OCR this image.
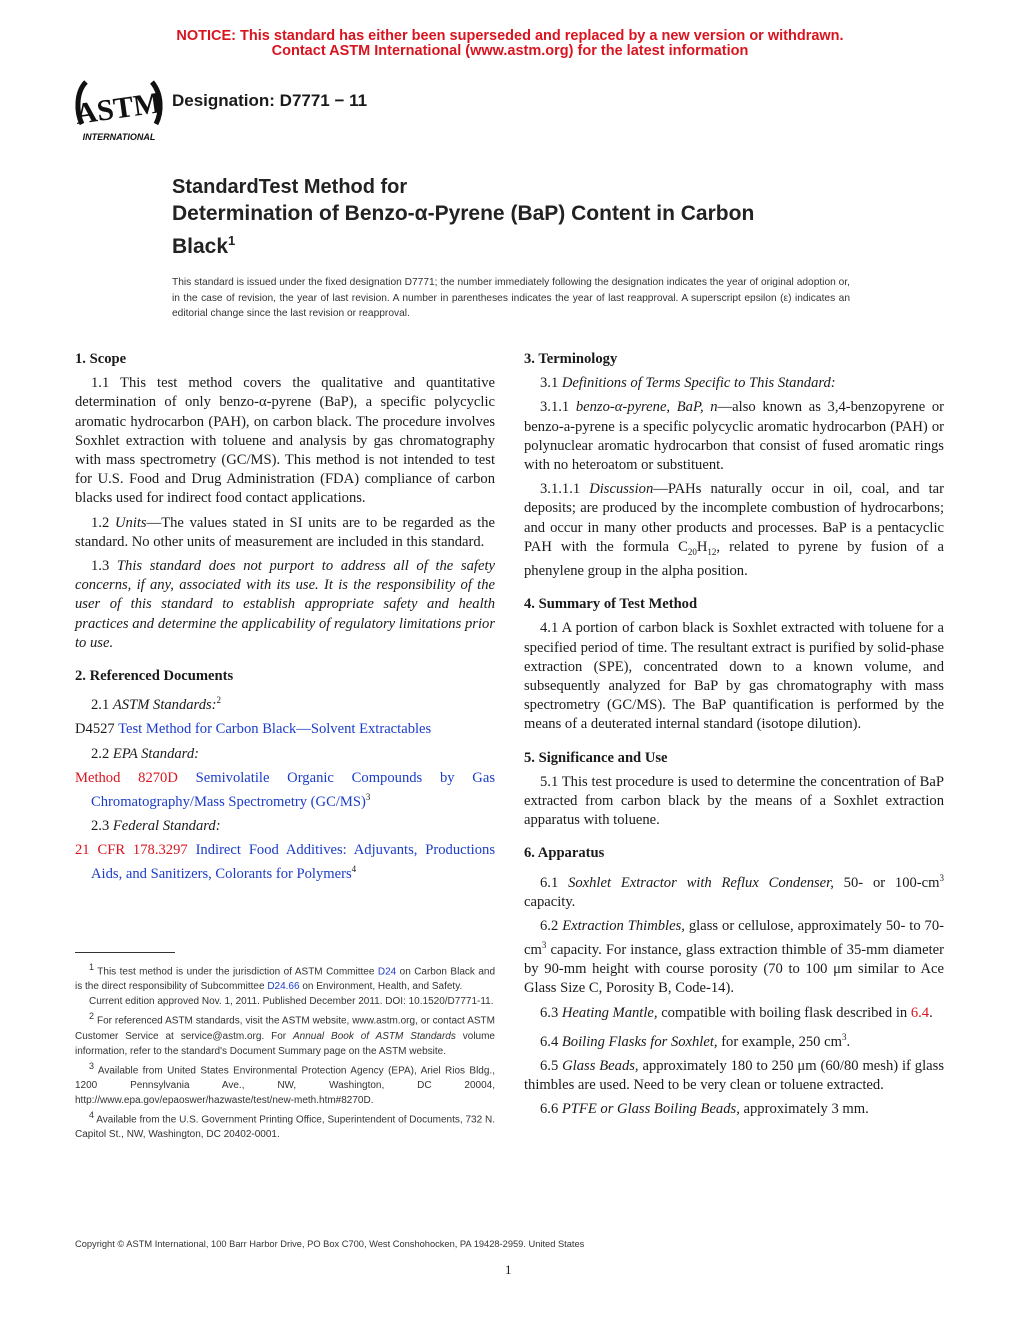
NOTICE: This standard has either been superseded and replaced by a new version or withdrawn.
Contact ASTM International (www.astm.org) for the latest information
ASTM
INTERNATIONAL
Designation: D7771 − 11
StandardTest Method for
Determination of Benzo-α-Pyrene (BaP) Content in Carbon
Black$^1$
This standard is issued under the fixed designation D7771; the number immediately following the designation indicates the year of original adoption or, in the case of revision, the year of last revision. A number in parentheses indicates the year of last reapproval. A superscript epsilon (ε) indicates an editorial change since the last revision or reapproval.
1. Scope

1.1 This test method covers the qualitative and quantitative determination of only benzo-α-pyrene (BaP), a specific polycyclic aromatic hydrocarbon (PAH), on carbon black. The procedure involves Soxhlet extraction with toluene and analysis by gas chromatography with mass spectrometry (GC/MS). This method is not intended to test for U.S. Food and Drug Administration (FDA) compliance of carbon blacks used for indirect food contact applications.

1.2 Units—The values stated in SI units are to be regarded as the standard. No other units of measurement are included in this standard.

1.3 This standard does not purport to address all of the safety concerns, if any, associated with its use. It is the responsibility of the user of this standard to establish appropriate safety and health practices and determine the applicability of regulatory limitations prior to use.

2. Referenced Documents

2.1 ASTM Standards:$^2$

D4527 Test Method for Carbon Black—Solvent Extractables

2.2 EPA Standard:

Method 8270D Semivolatile Organic Compounds by Gas Chromatography/Mass Spectrometry $(GC/MS)^3$

2.3 Federal Standard:

21 CFR 178.3297 Indirect Food Additives: Adjuvants, Productions Aids, and Sanitizers, Colorants for Polymers$^4$

$^1$ This test method is under the jurisdiction of ASTM Committee D24 on Carbon Black and is the direct responsibility of Subcommittee D24.66 on Environment, Health, and Safety.

Current edition approved Nov. 1, 2011. Published December 2011. DOI: 10.1520/D7771-11.

$^2$ For referenced ASTM standards, visit the ASTM website, www.astm.org, or contact ASTM Customer Service at service@astm.org. For Annual Book of ASTM Standards volume information, refer to the standard's Document Summary page on the ASTM website.

$^3$ Available from United States Environmental Protection Agency (EPA), Ariel Rios Bldg., 1200 Pennsylvania Ave., NW, Washington, DC 20004, http://www.epa.gov/epaoswer/hazwaste/test/new-meth.htm#8270D.

$^4$ Available from the U.S. Government Printing Office, Superintendent of Documents, 732 N. Capitol St., NW, Washington, DC 20402-0001.

3. Terminology

3.1 Definitions of Terms Specific to This Standard:

3.1.1 benzo-α-pyrene, BaP, n—also known as 3,4-benzopyrene or benzo-a-pyrene is a specific polycyclic aromatic hydrocarbon (PAH) or polynuclear aromatic hydrocarbon that consist of fused aromatic rings with no heteroatom or substituent.

3.1.1.1 Discussion—PAHs naturally occur in oil, coal, and tar deposits; are produced by the incomplete combustion of hydrocarbons; and occur in many other products and processes. BaP is a pentacyclic PAH with the formula $C_{20}H_{12}$, related to pyrene by fusion of a phenylene group in the alpha position.

4. Summary of Test Method

4.1 A portion of carbon black is Soxhlet extracted with toluene for a specified period of time. The resultant extract is purified by solid-phase extraction (SPE), concentrated down to a known volume, and subsequently analyzed for BaP by gas chromatography with mass spectrometry (GC/MS). The BaP quantification is performed by the means of a deuterated internal standard (isotope dilution).

5. Significance and Use

5.1 This test procedure is used to determine the concentration of BaP extracted from carbon black by the means of a Soxhlet extraction apparatus with toluene.

6. Apparatus

6.1 Soxhlet Extractor with Reflux Condenser, 50- or $100-cm^3$ capacity.

6.2 Extraction Thimbles, glass or cellulose, approximately 50- to $70-cm^3$ capacity. For instance, glass extraction thimble of 35-mm diameter by 90-mm height with course porosity (70 to 100 μm similar to Ace Glass Size C, Porosity B, Code-14).

6.3 Heating Mantle, compatible with boiling flask described in 6.4.

6.4 Boiling Flasks for Soxhlet, for example, 250 $cm^3$.

6.5 Glass Beads, approximately 180 to 250 μm (60/80 mesh) if glass thimbles are used. Need to be very clean or toluene extracted.

6.6 PTFE or Glass Boiling Beads, approximately 3 mm.

Copyright © ASTM International, 100 Barr Harbor Drive, PO Box C700, West Conshohocken, PA 19428-2959. United States
1
